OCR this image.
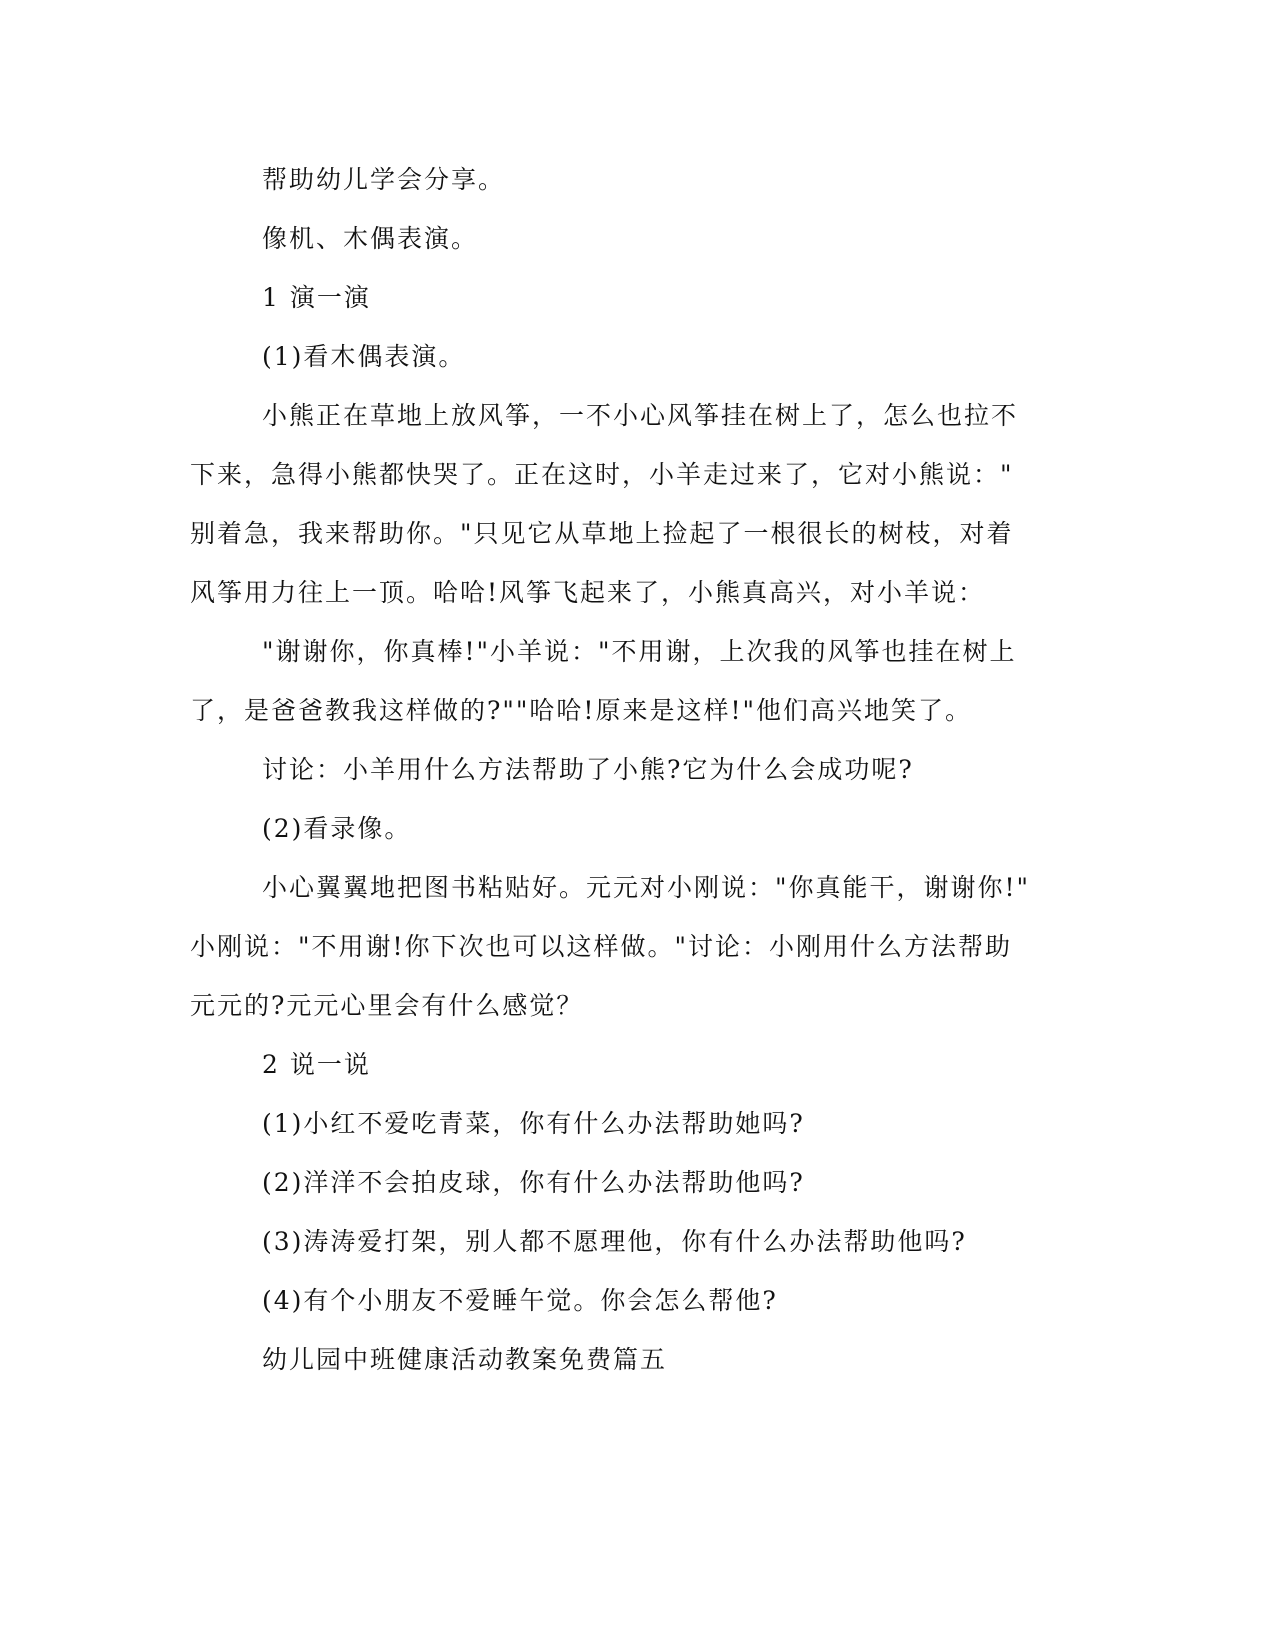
帮助幼儿学会分享。
像机、木偶表演。
1 演一演
(1)看木偶表演。
小熊正在草地上放风筝，一不小心风筝挂在树上了，怎么也拉不
下来，急得小熊都快哭了。正在这时，小羊走过来了，它对小熊说："
别着急，我来帮助你。"只见它从草地上捡起了一根很长的树枝，对着
风筝用力往上一顶。哈哈!风筝飞起来了，小熊真高兴，对小羊说：
"谢谢你，你真棒!"小羊说："不用谢，上次我的风筝也挂在树上
了，是爸爸教我这样做的?""哈哈!原来是这样!"他们高兴地笑了。
讨论：小羊用什么方法帮助了小熊?它为什么会成功呢?
(2)看录像。
小心翼翼地把图书粘贴好。元元对小刚说："你真能干，谢谢你!"
小刚说："不用谢!你下次也可以这样做。"讨论：小刚用什么方法帮助
元元的?元元心里会有什么感觉？
2 说一说
(1)小红不爱吃青菜，你有什么办法帮助她吗?
(2)洋洋不会拍皮球，你有什么办法帮助他吗?
(3)涛涛爱打架，别人都不愿理他，你有什么办法帮助他吗?
(4)有个小朋友不爱睡午觉。你会怎么帮他?
幼儿园中班健康活动教案免费篇五
